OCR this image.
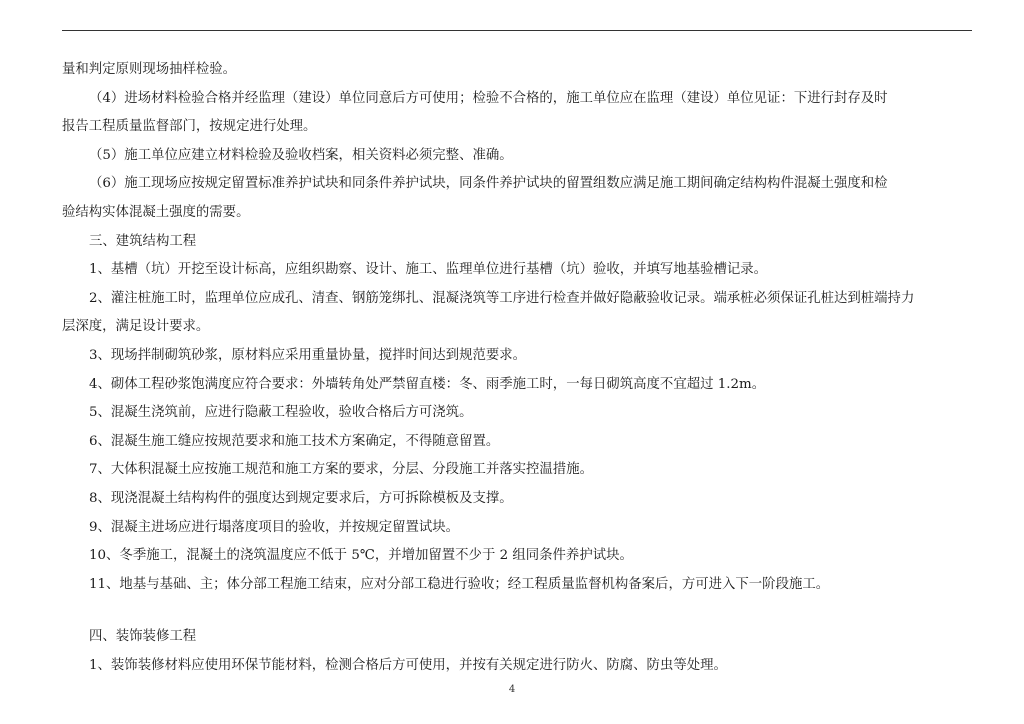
量和判定原则现场抽样检验。
（4）进场材料检验合格并经监理（建设）单位同意后方可使用；检验不合格的，施工单位应在监理（建设）单位见证：下进行封存及时
报告工程质量监督部门，按规定进行处理。
（5）施工单位应建立材料检验及验收档案，相关资料必须完整、准确。
（6）施工现场应按规定留置标准养护试块和同条件养护试块，同条件养护试块的留置组数应满足施工期间确定结构构件混凝土强度和检
验结构实体混凝土强度的需要。
三、建筑结构工程
1、基槽（坑）开挖至设计标高，应组织勘察、设计、施工、监理单位进行基槽（坑）验收，并填写地基验槽记录。
2、灌注桩施工时，监理单位应成孔、清查、钢筋笼绑扎、混凝浇筑等工序进行检查并做好隐蔽验收记录。端承桩必须保证孔桩达到桩端持力
层深度，满足设计要求。
3、现场拌制砌筑砂浆，原材料应采用重量协量，搅拌时间达到规范要求。
4、砌体工程砂浆饱满度应符合要求：外墙转角处严禁留直楼：冬、雨季施工时，一每日砌筑高度不宜超过 1.2m。
5、混凝生浇筑前，应进行隐蔽工程验收，验收合格后方可浇筑。
6、混凝生施工缝应按规范要求和施工技术方案确定，不得随意留置。
7、大体积混凝土应按施工规范和施工方案的要求，分层、分段施工并落实控温措施。
8、现浇混凝土结构构件的强度达到规定要求后，方可拆除模板及支撑。
9、混凝主进场应进行塌落度项目的验收，并按规定留置试块。
10、冬季施工，混凝土的浇筑温度应不低于 5℃，并增加留置不少于 2 组同条件养护试块。
11、地基与基础、主；体分部工程施工结束，应对分部工稳进行验收；经工程质量监督机构备案后，方可进入下一阶段施工。
四、装饰装修工程
1、装饰装修材料应使用环保节能材料，检测合格后方可使用，并按有关规定进行防火、防腐、防虫等处理。
4
